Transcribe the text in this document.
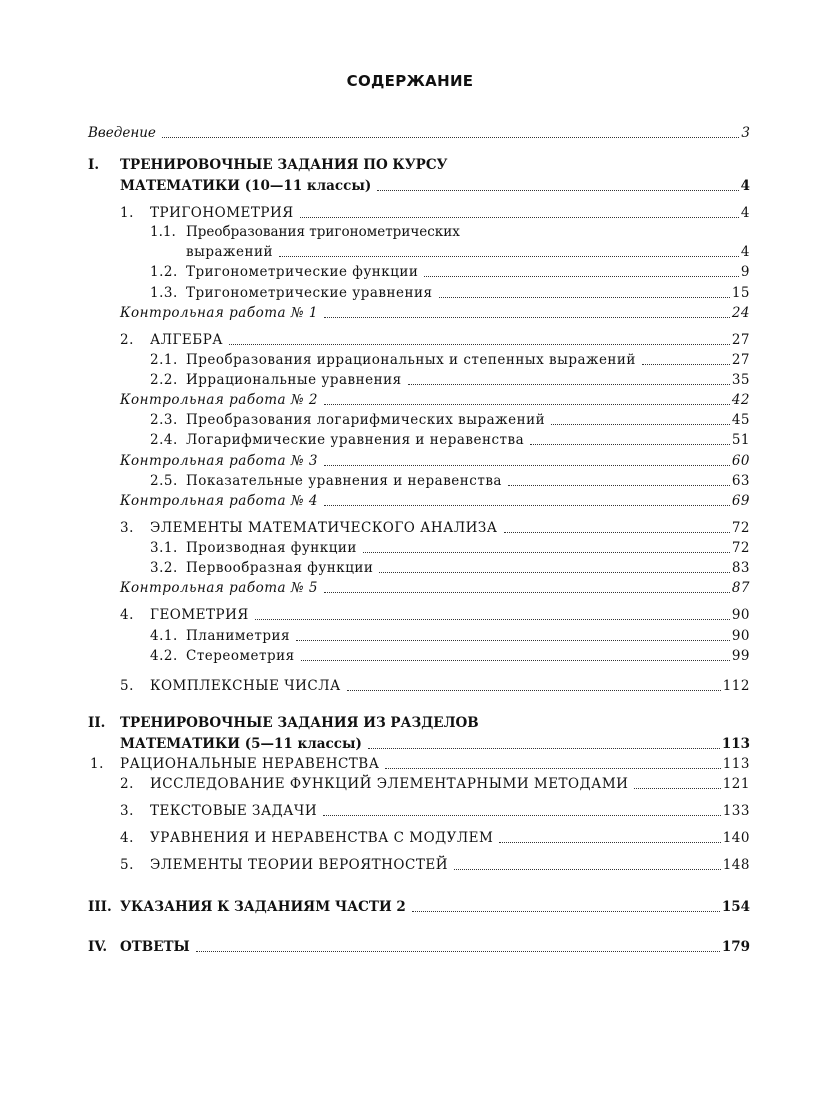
СОДЕРЖАНИЕ
Введение	3
I. ТРЕНИРОВОЧНЫЕ ЗАДАНИЯ ПО КУРСУ
МАТЕМАТИКИ (10—11 классы)	4
1.	ТРИГОНОМЕТРИЯ	4
1.1. Преобразования тригонометрических
выражений	4
1.2. Тригонометрические функции	9
1.3. Тригонометрические уравнения	15
Контрольная работа № 1	24
2.	АЛГЕБРА	27
2.1. Преобразования иррациональных и степенных выражений	27
2.2. Иррациональные уравнения	35
Контрольная работа № 2	42
2.3. Преобразования логарифмических выражений	45
2.4. Логарифмические уравнения и неравенства	51
Контрольная работа № 3	60
2.5. Показательные уравнения и неравенства	63
Контрольная работа № 4	69
3.	ЭЛЕМЕНТЫ МАТЕМАТИЧЕСКОГО АНАЛИЗА	72
3.1. Производная функции	72
3.2. Первообразная функции	83
Контрольная работа № 5	87
4.	ГЕОМЕТРИЯ	90
4.1. Планиметрия	90
4.2. Стереометрия	99
5.	КОМПЛЕКСНЫЕ ЧИСЛА	112
II. ТРЕНИРОВОЧНЫЕ ЗАДАНИЯ ИЗ РАЗДЕЛОВ
МАТЕМАТИКИ (5—11 классы)	113
1.	РАЦИОНАЛЬНЫЕ НЕРАВЕНСТВА	113
2.	ИССЛЕДОВАНИЕ ФУНКЦИЙ ЭЛЕМЕНТАРНЫМИ МЕТОДАМИ	121
3.	ТЕКСТОВЫЕ ЗАДАЧИ	133
4.	УРАВНЕНИЯ И НЕРАВЕНСТВА С МОДУЛЕМ	140
5.	ЭЛЕМЕНТЫ ТЕОРИИ ВЕРОЯТНОСТЕЙ	148
III. УКАЗАНИЯ К ЗАДАНИЯМ ЧАСТИ 2	154
IV. ОТВЕТЫ	179
